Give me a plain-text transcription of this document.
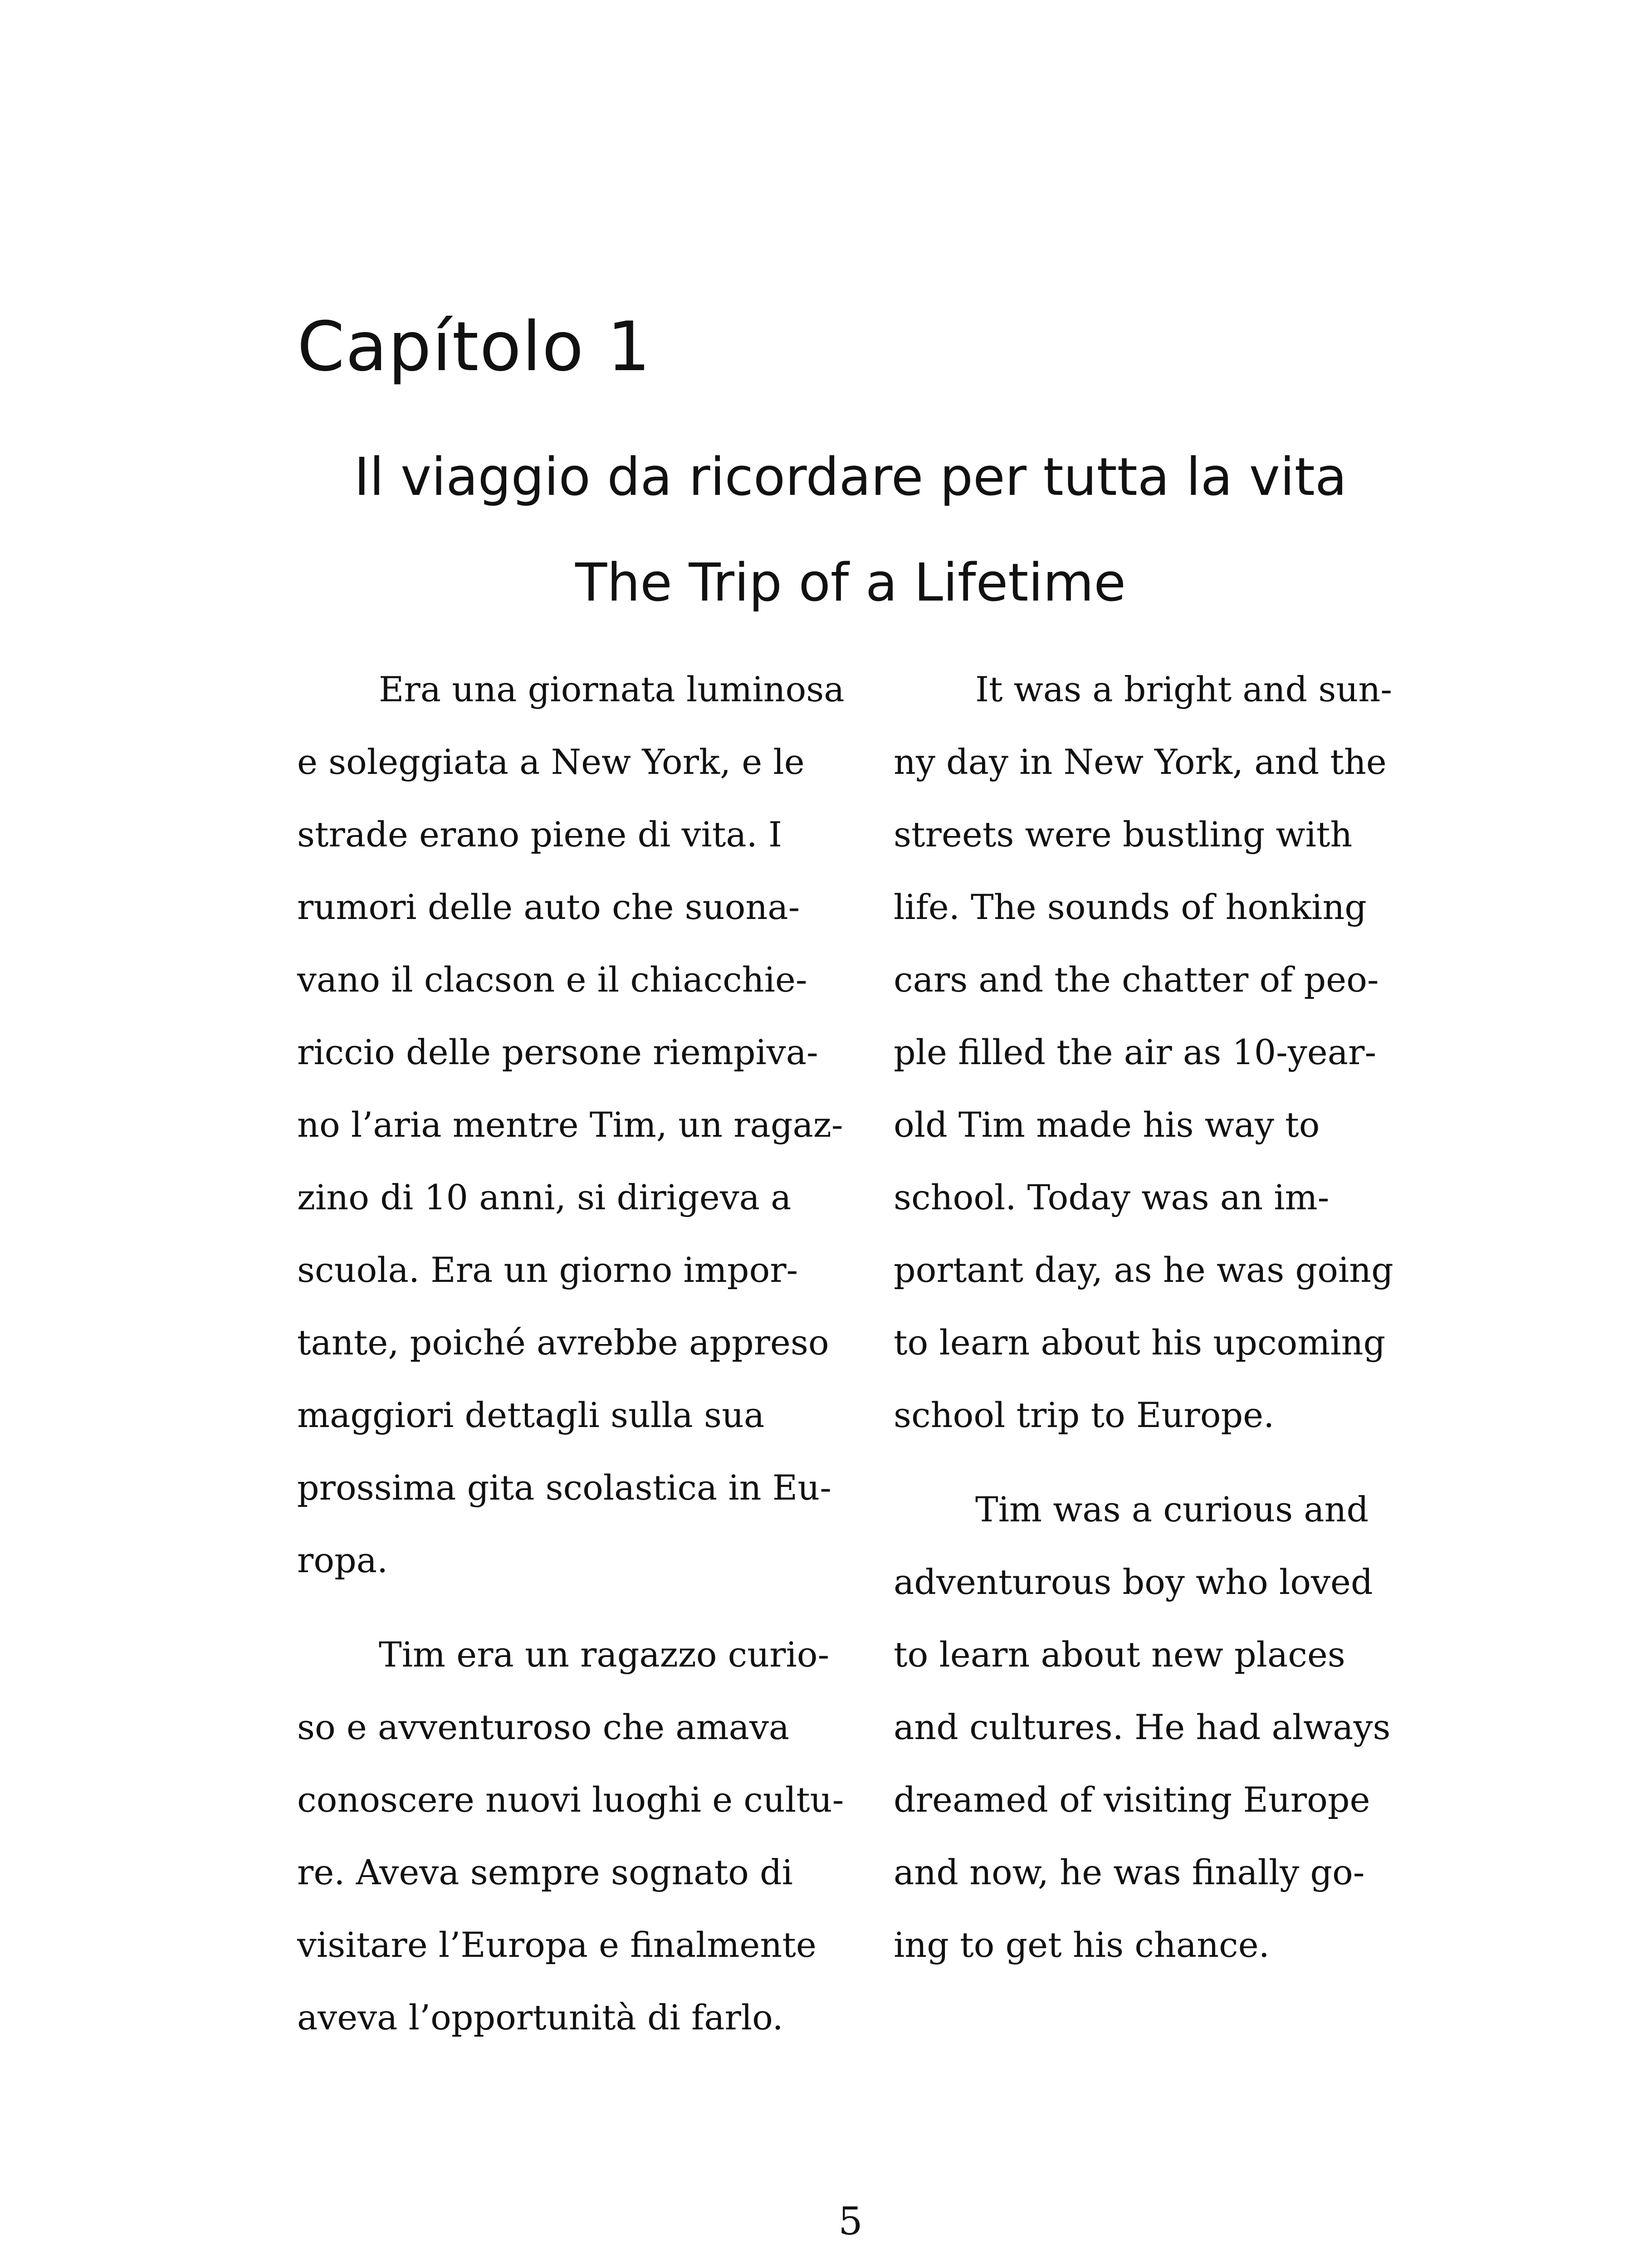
Capítolo 1
Il viaggio da ricordare per tutta la vita
The Trip of a Lifetime

Era una giornata luminosa
e soleggiata a New York, e le
strade erano piene di vita. I
rumori delle auto che suona-
vano il clacson e il chiacchie-
riccio delle persone riempiva-
no l’aria mentre Tim, un ragaz-
zino di 10 anni, si dirigeva a
scuola. Era un giorno impor-
tante, poiché avrebbe appreso
maggiori dettagli sulla sua
prossima gita scolastica in Eu-
ropa.

Tim era un ragazzo curio-
so e avventuroso che amava
conoscere nuovi luoghi e cultu-
re. Aveva sempre sognato di
visitare l’Europa e finalmente
aveva l’opportunità di farlo.

It was a bright and sun-
ny day in New York, and the
streets were bustling with
life. The sounds of honking
cars and the chatter of peo-
ple filled the air as 10-year-
old Tim made his way to
school. Today was an im-
portant day, as he was going
to learn about his upcoming
school trip to Europe.

Tim was a curious and
adventurous boy who loved
to learn about new places
and cultures. He had always
dreamed of visiting Europe
and now, he was finally go-
ing to get his chance.

5
